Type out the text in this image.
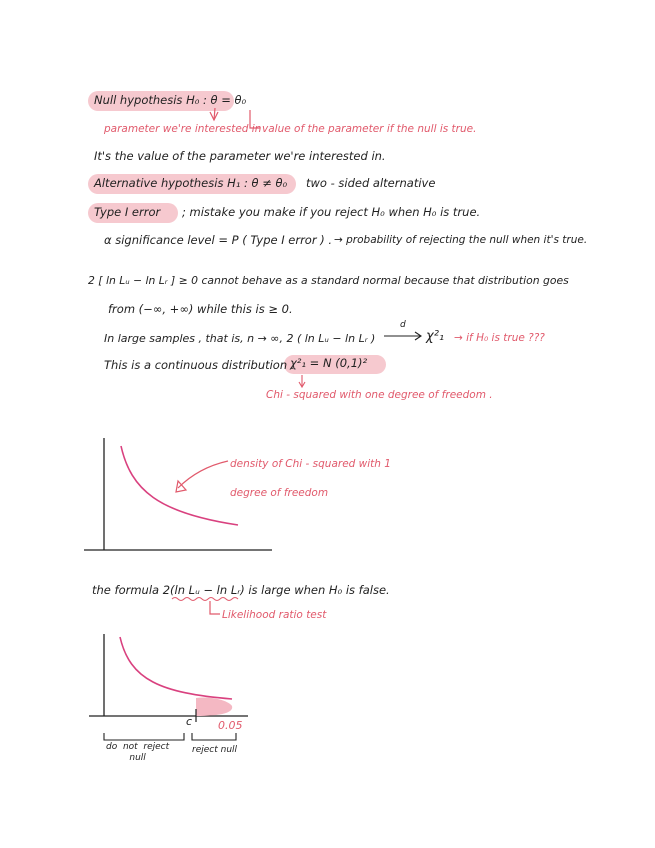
Null hypothesis H₀ : θ = θ₀
parameter we're interested in value of the parameter if the null is true.
It's the value of the parameter we're interested in.
Alternative hypothesis H₁ : θ ≠ θ₀ two - sided alternative
Type I error ; mistake you make if you reject H₀ when H₀ is true.
α significance level = P ( Type I error ) . → probability of rejecting the null when it's true.
2 [ ln Lᵤ − ln Lᵣ ] ≥ 0 cannot behave as a standard normal because that distribution goes
from (−∞, +∞) while this is ≥ 0.
In large samples , that is, n → ∞, 2 ( ln Lᵤ − ln Lᵣ )
d
χ²₁ → if H₀ is true ???
This is a continuous distribution .
χ²₁ = N (0,1)²
Chi - squared with one degree of freedom .
density of Chi - squared with 1
degree of freedom
the formula 2(ln Lᵤ − ln Lᵣ) is large when H₀ is false.
Likelihood ratio test
c 0.05
do  not  reject
null
reject null
